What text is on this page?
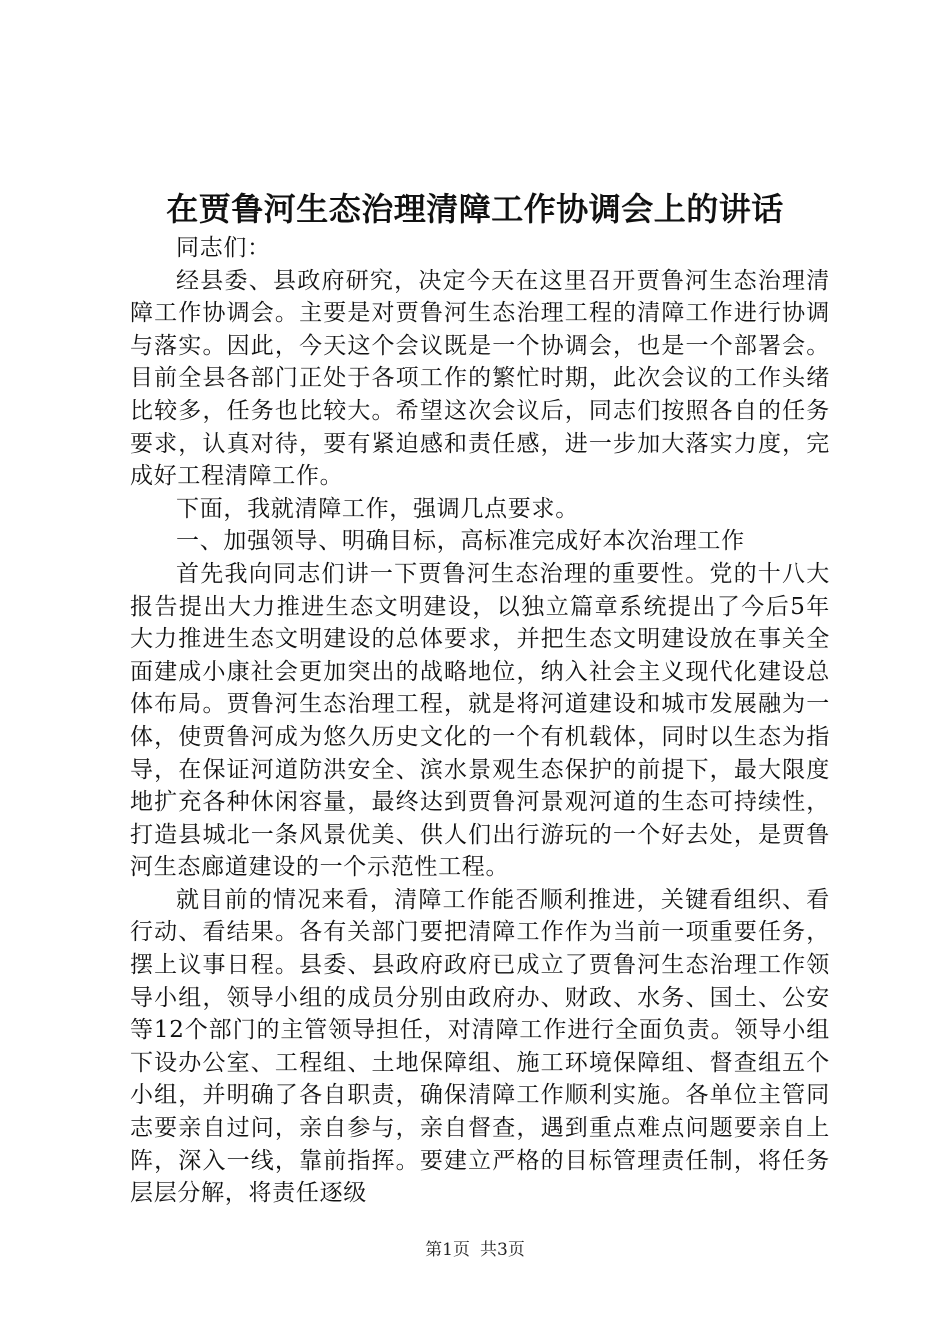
在贾鲁河生态治理清障工作协调会上的讲话

同志们：

经县委、县政府研究，决定今天在这里召开贾鲁河生态治理清障工作协调会。主要是对贾鲁河生态治理工程的清障工作进行协调与落实。因此，今天这个会议既是一个协调会，也是一个部署会。目前全县各部门正处于各项工作的繁忙时期，此次会议的工作头绪比较多，任务也比较大。希望这次会议后，同志们按照各自的任务要求，认真对待，要有紧迫感和责任感，进一步加大落实力度，完成好工程清障工作。

下面，我就清障工作，强调几点要求。

一、加强领导、明确目标，高标准完成好本次治理工作

首先我向同志们讲一下贾鲁河生态治理的重要性。党的十八大报告提出大力推进生态文明建设，以独立篇章系统提出了今后5年大力推进生态文明建设的总体要求，并把生态文明建设放在事关全面建成小康社会更加突出的战略地位，纳入社会主义现代化建设总体布局。贾鲁河生态治理工程，就是将河道建设和城市发展融为一体，使贾鲁河成为悠久历史文化的一个有机载体，同时以生态为指导，在保证河道防洪安全、滨水景观生态保护的前提下，最大限度地扩充各种休闲容量，最终达到贾鲁河景观河道的生态可持续性，打造县城北一条风景优美、供人们出行游玩的一个好去处，是贾鲁河生态廊道建设的一个示范性工程。

就目前的情况来看，清障工作能否顺利推进，关键看组织、看行动、看结果。各有关部门要把清障工作作为当前一项重要任务，摆上议事日程。县委、县政府政府已成立了贾鲁河生态治理工作领导小组，领导小组的成员分别由政府办、财政、水务、国土、公安等12个部门的主管领导担任，对清障工作进行全面负责。领导小组下设办公室、工程组、土地保障组、施工环境保障组、督查组五个小组，并明确了各自职责，确保清障工作顺利实施。各单位主管同志要亲自过问，亲自参与，亲自督查，遇到重点难点问题要亲自上阵，深入一线，靠前指挥。要建立严格的目标管理责任制，将任务层层分解，将责任逐级

第1页 共3页
